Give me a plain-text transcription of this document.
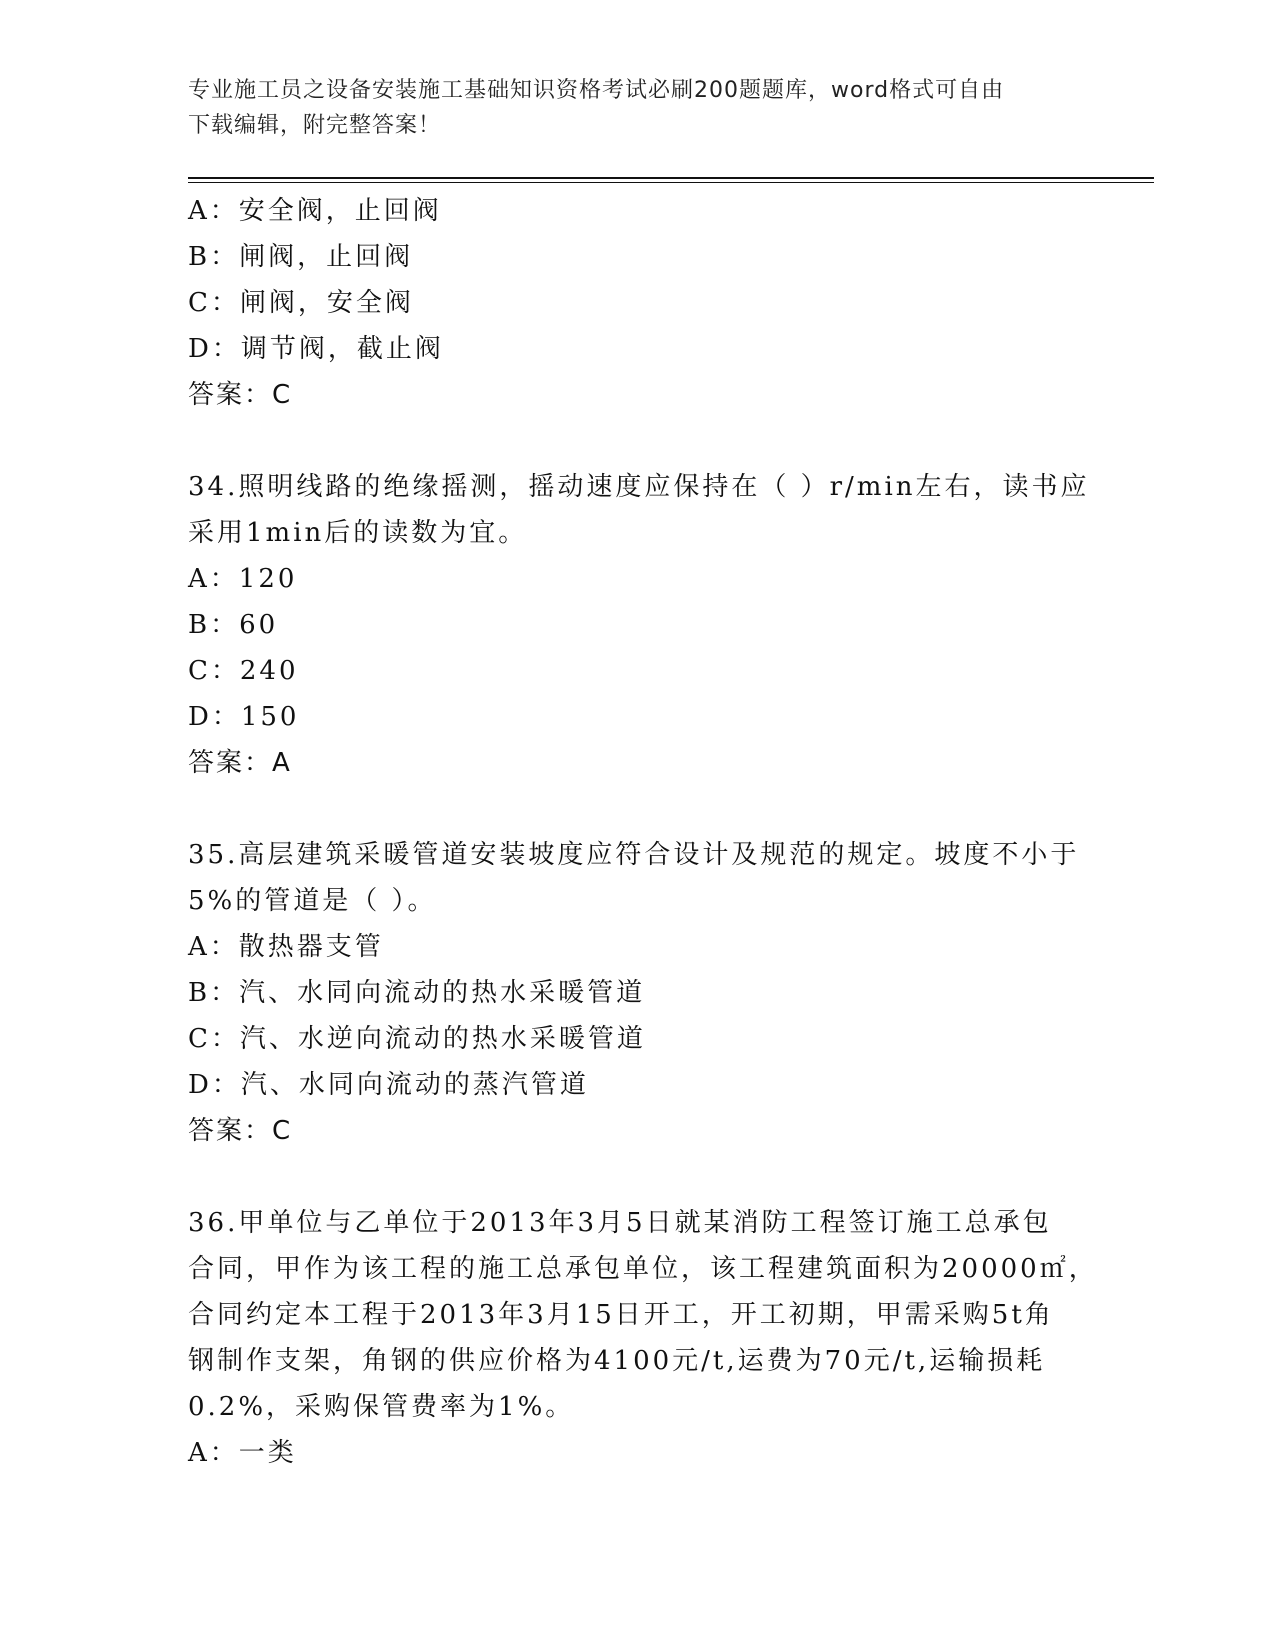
专业施工员之设备安装施工基础知识资格考试必刷200题题库，word格式可自由
下载编辑，附完整答案！
A：安全阀，止回阀
B：闸阀，止回阀
C：闸阀，安全阀
D：调节阀，截止阀
答案：C
34.照明线路的绝缘摇测，摇动速度应保持在（ ）r/min左右，读书应
采用1min后的读数为宜。
A：120
B：60
C：240
D：150
答案：A
35.高层建筑采暖管道安装坡度应符合设计及规范的规定。坡度不小于
5%的管道是（ ）。
A：散热器支管
B：汽、水同向流动的热水采暖管道
C：汽、水逆向流动的热水采暖管道
D：汽、水同向流动的蒸汽管道
答案：C
36.甲单位与乙单位于2013年3月5日就某消防工程签订施工总承包
合同，甲作为该工程的施工总承包单位，该工程建筑面积为20000㎡，
合同约定本工程于2013年3月15日开工，开工初期，甲需采购5t角
钢制作支架，角钢的供应价格为4100元/t,运费为70元/t,运输损耗
0.2%，采购保管费率为1%。
A：一类
